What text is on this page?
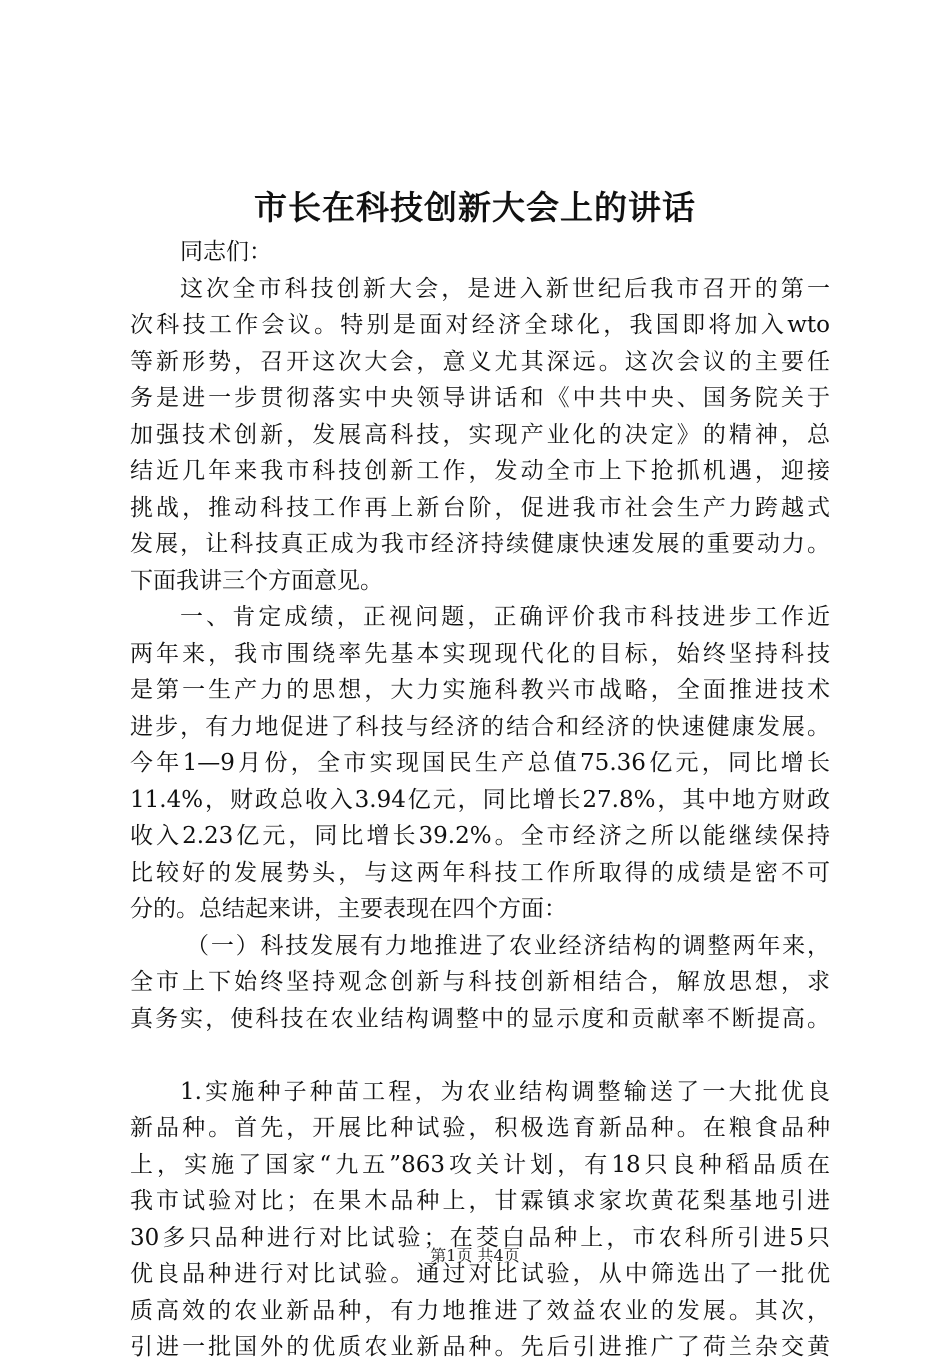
市长在科技创新大会上的讲话
同志们：
这次全市科技创新大会，是进入新世纪后我市召开的第一
次科技工作会议。特别是面对经济全球化，我国即将加入wto
等新形势，召开这次大会，意义尤其深远。这次会议的主要任
务是进一步贯彻落实中央领导讲话和《中共中央、国务院关于
加强技术创新，发展高科技，实现产业化的决定》的精神，总
结近几年来我市科技创新工作，发动全市上下抢抓机遇，迎接
挑战，推动科技工作再上新台阶，促进我市社会生产力跨越式
发展，让科技真正成为我市经济持续健康快速发展的重要动力。
下面我讲三个方面意见。
一、肯定成绩，正视问题，正确评价我市科技进步工作近
两年来，我市围绕率先基本实现现代化的目标，始终坚持科技
是第一生产力的思想，大力实施科教兴市战略，全面推进技术
进步，有力地促进了科技与经济的结合和经济的快速健康发展。
今年1—9月份，全市实现国民生产总值75.36亿元，同比增长
11.4%，财政总收入3.94亿元，同比增长27.8%，其中地方财政
收入2.23亿元，同比增长39.2%。全市经济之所以能继续保持
比较好的发展势头，与这两年科技工作所取得的成绩是密不可
分的。总结起来讲，主要表现在四个方面：
（一）科技发展有力地推进了农业经济结构的调整两年来，
全市上下始终坚持观念创新与科技创新相结合，解放思想，求
真务实，使科技在农业结构调整中的显示度和贡献率不断提高。
1.实施种子种苗工程，为农业结构调整输送了一大批优良
新品种。首先，开展比种试验，积极选育新品种。在粮食品种
上，实施了国家“九五”863攻关计划，有18只良种稻品质在
我市试验对比；在果木品种上，甘霖镇求家坎黄花梨基地引进
30多只品种进行对比试验；在茭白品种上，市农科所引进5只
优良品种进行对比试验。通过对比试验，从中筛选出了一批优
质高效的农业新品种，有力地推进了效益农业的发展。其次，
引进一批国外的优质农业新品种。先后引进推广了荷兰杂交黄
第1页 共4页
